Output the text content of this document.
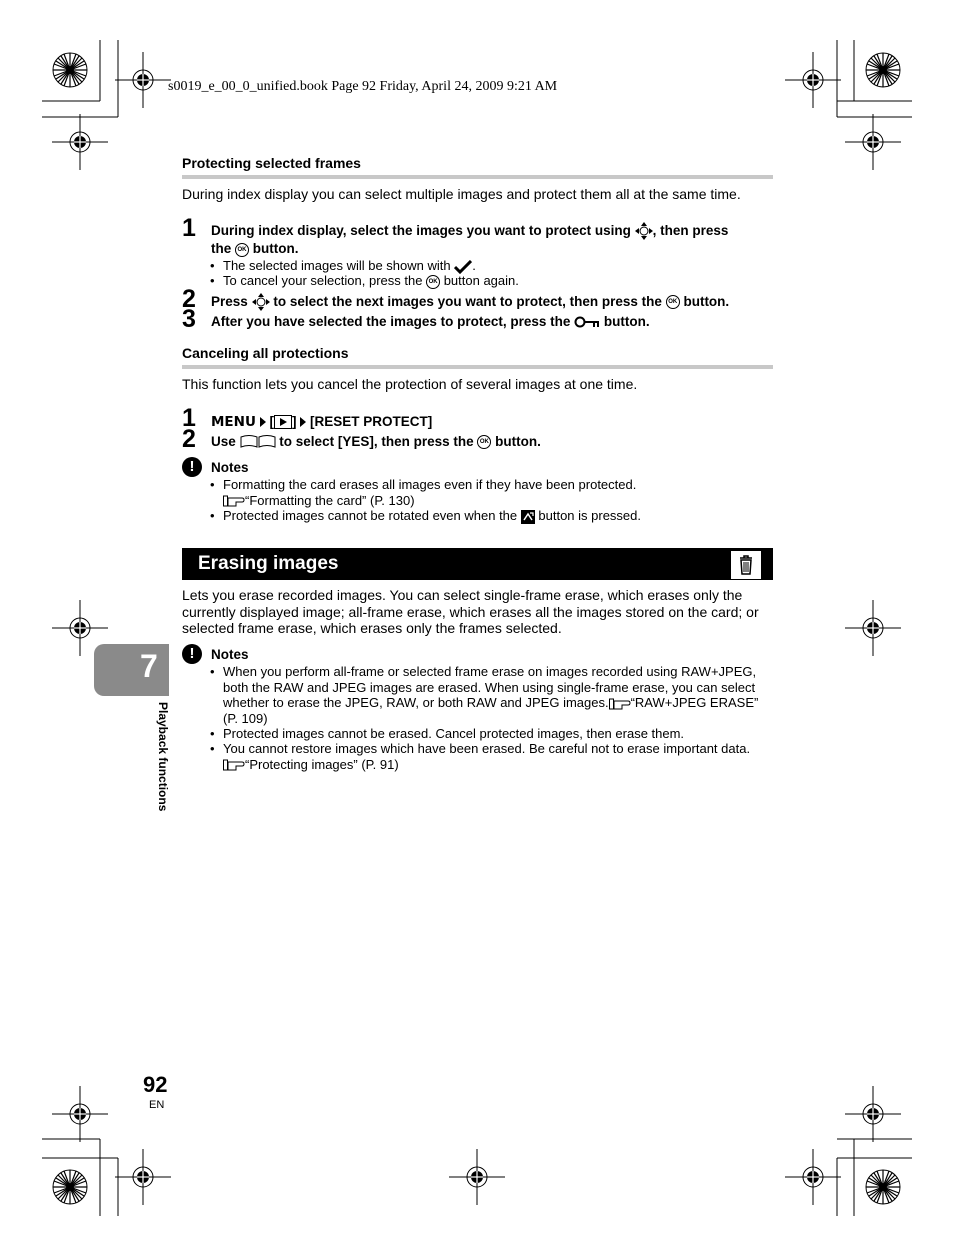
s0019_e_00_0_unified.book Page 92 Friday, April 24, 2009 9:21 AM
Protecting selected frames
During index display you can select multiple images and protect them all at the same time.
1 During index display, select the images you want to protect using , then press
the OK button.
• The selected images will be shown with .
• To cancel your selection, press the OK button again.
2 Press to select the next images you want to protect, then press the OK button.
3 After you have selected the images to protect, press the button.
Canceling all protections
This function lets you cancel the protection of several images at one time.
1 MENU [ ] [RESET PROTECT]
2 Use	to select [YES], then press the OK button.
!	Notes
• Formatting the card erases all images even if they have been protected.
“Formatting the card” (P. 130)
• Protected images cannot be rotated even when the button is pressed.
Erasing images
Lets you erase recorded images. You can select single-frame erase, which erases only the currently displayed image; all-frame erase, which erases all the images stored on the card; or selected frame erase, which erases only the frames selected.
!	Notes
• When you perform all-frame or selected frame erase on images recorded using RAW+JPEG, both the RAW and JPEG images are erased. When using single-frame erase, you can select whether to erase the JPEG, RAW, or both RAW and JPEG images. “RAW+JPEG ERASE” (P. 109)
• Protected images cannot be erased. Cancel protected images, then erase them.
• You cannot restore images which have been erased. Be careful not to erase important data.
“Protecting images” (P. 91)
7
Playback functions
92
EN
